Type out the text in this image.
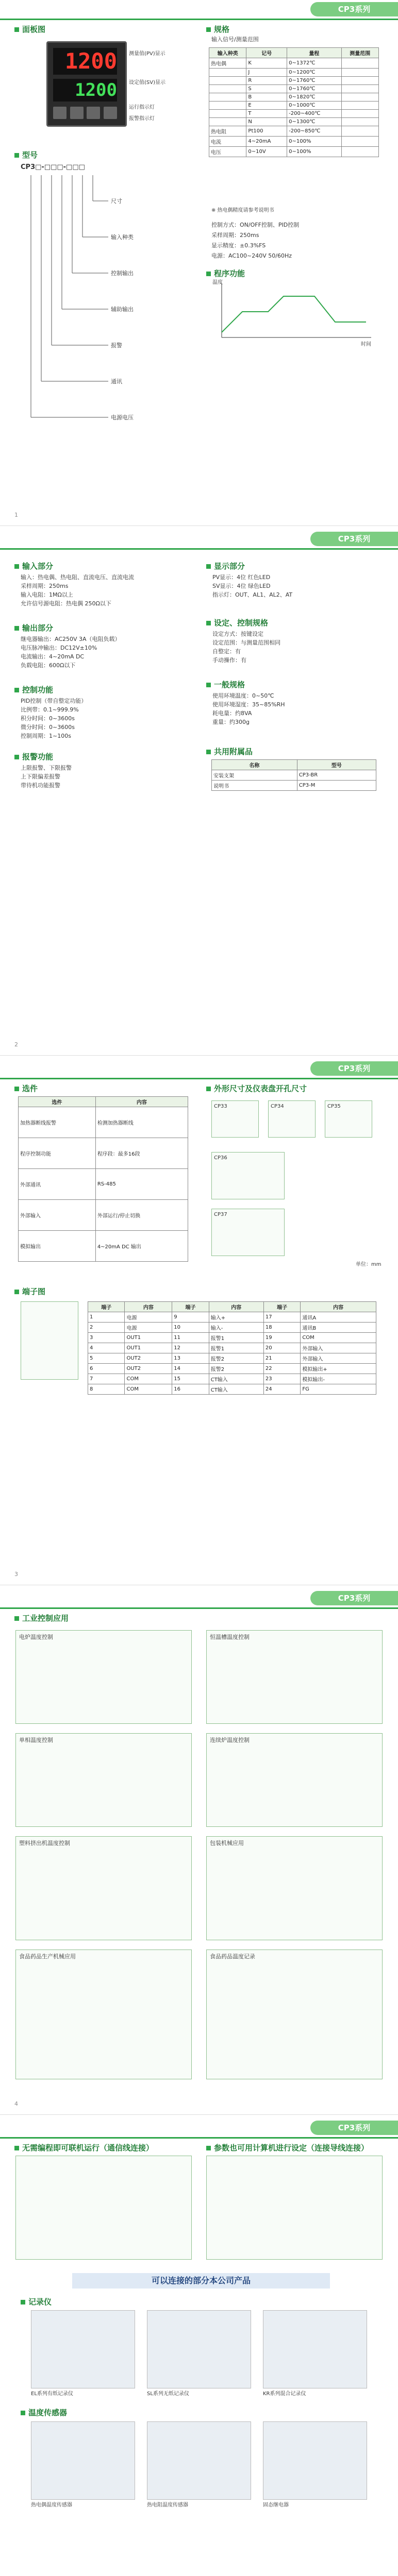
CP3系列
面板图
1200
1200
测量值(PV)显示
设定值(SV)显示
运行指示灯
报警指示灯
型号
CP3□-□□□-□□□
尺寸
输入种类
控制输出
辅助输出
报警
通讯
电源电压
规格
输入信号/测量范围
输入种类	记号	量程	测量范围
热电偶	K	0~1372℃	
	J	0~1200℃	
	R	0~1760℃	
	S	0~1760℃	
	B	0~1820℃	
	E	0~1000℃	
	T	-200~400℃	
	N	0~1300℃	
热电阻	Pt100	-200~850℃	
电流	4~20mA	0~100%	
电压	0~10V	0~100%	
※ 热电偶精度请参考说明书
控制方式：ON/OFF控制、PID控制
采样周期：250ms
显示精度：±0.3%FS
电源：AC100~240V 50/60Hz
程序功能
时间
温度
1
CP3系列
输入部分
输入：热电偶、热电阻、直流电压、直流电流
采样周期：250ms
输入电阻：1MΩ以上
允许信号源电阻：热电偶 250Ω以下
输出部分
继电器输出：AC250V 3A（电阻负载）
电压脉冲输出：DC12V±10%
电流输出：4~20mA DC
负载电阻：600Ω以下
控制功能
PID控制（带自整定功能）
比例带：0.1~999.9%
积分时间：0~3600s
微分时间：0~3600s
控制周期：1~100s
报警功能
上限报警、下限报警
上下限偏差报警
带待机功能报警
显示部分
PV显示：4位 红色LED
SV显示：4位 绿色LED
指示灯：OUT、AL1、AL2、AT
设定、控制规格
设定方式：按键设定
设定范围：与测量范围相同
自整定：有
手动操作：有
一般规格
使用环境温度：0~50℃
使用环境湿度：35~85%RH
耗电量：约8VA
重量：约300g
共用附属品
名称	型号
安装支架	CP3-BR
说明书	CP3-M
2
CP3系列
选件
选件	内容
加热器断线报警	检测加热器断线
程序控制功能	程序段：最多16段
外部通讯	RS-485
外部输入	外部运行/停止切换
模拟输出	4~20mA DC 输出
外形尺寸及仪表盘开孔尺寸
单位：mm
CP33	CP34	CP35
CP36
CP37
端子图
端子	内容	端子	内容	端子	内容
1	电源	9	输入+	17	通讯A
2	电源	10	输入-	18	通讯B
3	OUT1	11	报警1	19	COM
4	OUT1	12	报警1	20	外部输入
5	OUT2	13	报警2	21	外部输入
6	OUT2	14	报警2	22	模拟输出+
7	COM	15	CT输入	23	模拟输出-
8	COM	16	CT输入	24	FG
3
CP3系列
工业控制应用
电炉温度控制	恒温槽温度控制
单相温度控制	连续炉温度控制
塑料挤出机温度控制	包装机械应用
食品药品生产机械应用	食品药品温度记录
4
CP3系列
无需编程即可联机运行（通信线连接）	参数也可用计算机进行设定（连接导线连接）
可以连接的部分本公司产品
记录仪
EL系列有纸记录仪	SL系列无纸记录仪	KR系列混合记录仪
温度传感器
热电偶温度传感器	热电阻温度传感器	固态继电器
